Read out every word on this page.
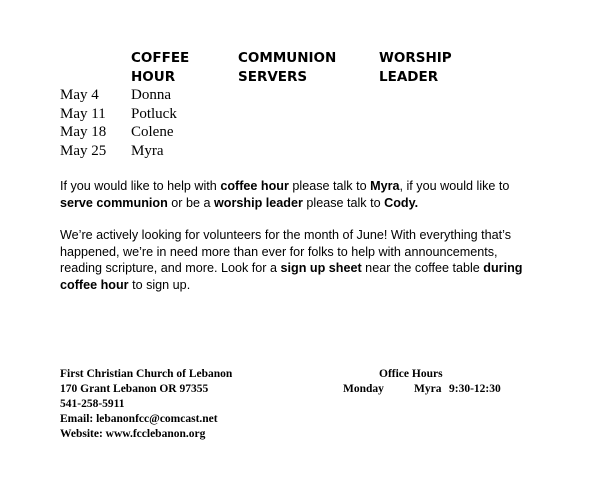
COFFEE
HOUR
COMMUNION
SERVERS
WORSHIP
LEADER
May 4 Donna
May 11 Potluck
May 18 Colene
May 25 Myra

If you would like to help with coffee hour please talk to Myra, if you would like to serve communion or be a worship leader please talk to Cody.

We’re actively looking for volunteers for the month of June! With everything that’s happened, we’re in need more than ever for folks to help with announcements, reading scripture, and more. Look for a sign up sheet near the coffee table during coffee hour to sign up.

First Christian Church of Lebanon
170 Grant Lebanon OR 97355
541-258-5911
Email: lebanonfcc@comcast.net
Website: www.fcclebanon.org
Office Hours
Monday	Myra 9:30-12:30
